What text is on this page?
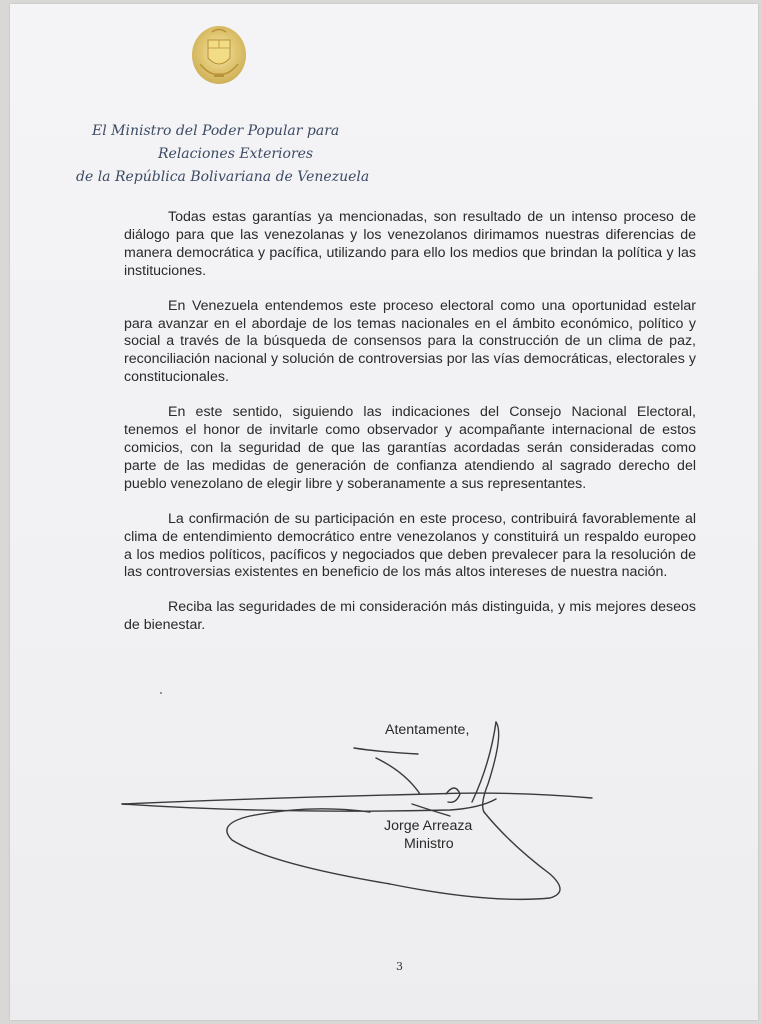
El Ministro del Poder Popular para
Relaciones Exteriores
de la República Bolivariana de Venezuela

Todas estas garantías ya mencionadas, son resultado de un intenso proceso de diálogo para que las venezolanas y los venezolanos dirimamos nuestras diferencias de manera democrática y pacífica, utilizando para ello los medios que brindan la política y las instituciones.

En Venezuela entendemos este proceso electoral como una oportunidad estelar para avanzar en el abordaje de los temas nacionales en el ámbito económico, político y social a través de la búsqueda de consensos para la construcción de un clima de paz, reconciliación nacional y solución de controversias por las vías democráticas, electorales y constitucionales.

En este sentido, siguiendo las indicaciones del Consejo Nacional Electoral, tenemos el honor de invitarle como observador y acompañante internacional de estos comicios, con la seguridad de que las garantías acordadas serán consideradas como parte de las medidas de generación de confianza atendiendo al sagrado derecho del pueblo venezolano de elegir libre y soberanamente a sus representantes.

La confirmación de su participación en este proceso, contribuirá favorablemente al clima de entendimiento democrático entre venezolanos y constituirá un respaldo europeo a los medios políticos, pacíficos y negociados que deben prevalecer para la resolución de las controversias existentes en beneficio de los más altos intereses de nuestra nación.

Reciba las seguridades de mi consideración más distinguida, y mis mejores deseos de bienestar.

Atentamente,
Jorge Arreaza
Ministro
3
